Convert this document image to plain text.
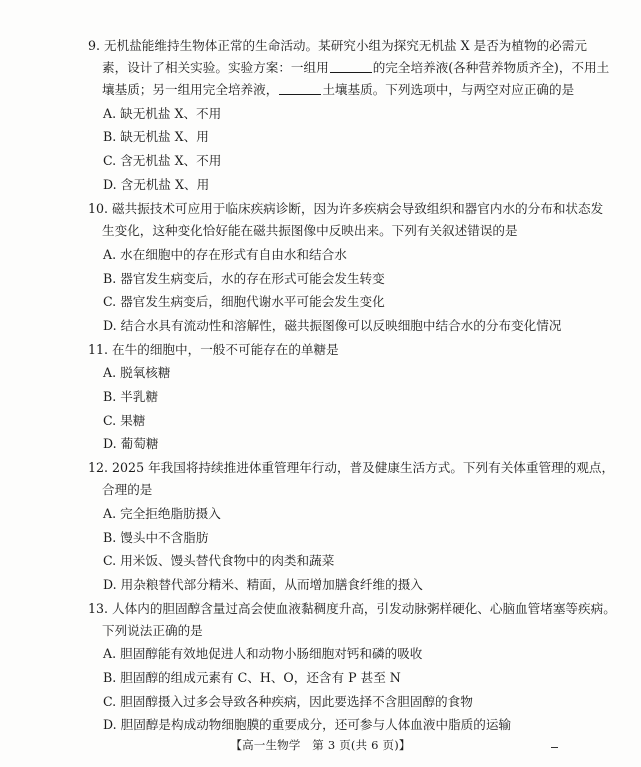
9. 无机盐能维持生物体正常的生命活动。某研究小组为探究无机盐 X 是否为植物的必需元
素，设计了相关实验。实验方案：一组用	的完全培养液(各种营养物质齐全)，不用土
壤基质；另一组用完全培养液，	土壤基质。下列选项中，与两空对应正确的是
A. 缺无机盐 X、不用
B. 缺无机盐 X、用
C. 含无机盐 X、不用
D. 含无机盐 X、用
10. 磁共振技术可应用于临床疾病诊断，因为许多疾病会导致组织和器官内水的分布和状态发
生变化，这种变化恰好能在磁共振图像中反映出来。下列有关叙述错误的是
A. 水在细胞中的存在形式有自由水和结合水
B. 器官发生病变后，水的存在形式可能会发生转变
C. 器官发生病变后，细胞代谢水平可能会发生变化
D. 结合水具有流动性和溶解性，磁共振图像可以反映细胞中结合水的分布变化情况
11. 在牛的细胞中，一般不可能存在的单糖是
A. 脱氧核糖
B. 半乳糖
C. 果糖
D. 葡萄糖
12. 2025 年我国将持续推进体重管理年行动，普及健康生活方式。下列有关体重管理的观点，
合理的是
A. 完全拒绝脂肪摄入
B. 馒头中不含脂肪
C. 用米饭、馒头替代食物中的肉类和蔬菜
D. 用杂粮替代部分精米、精面，从而增加膳食纤维的摄入
13. 人体内的胆固醇含量过高会使血液黏稠度升高，引发动脉粥样硬化、心脑血管堵塞等疾病。
下列说法正确的是
A. 胆固醇能有效地促进人和动物小肠细胞对钙和磷的吸收
B. 胆固醇的组成元素有 C、H、O，还含有 P 甚至 N
C. 胆固醇摄入过多会导致各种疾病，因此要选择不含胆固醇的食物
D. 胆固醇是构成动物细胞膜的重要成分，还可参与人体血液中脂质的运输
【高一生物学　第 3 页(共 6 页)】
